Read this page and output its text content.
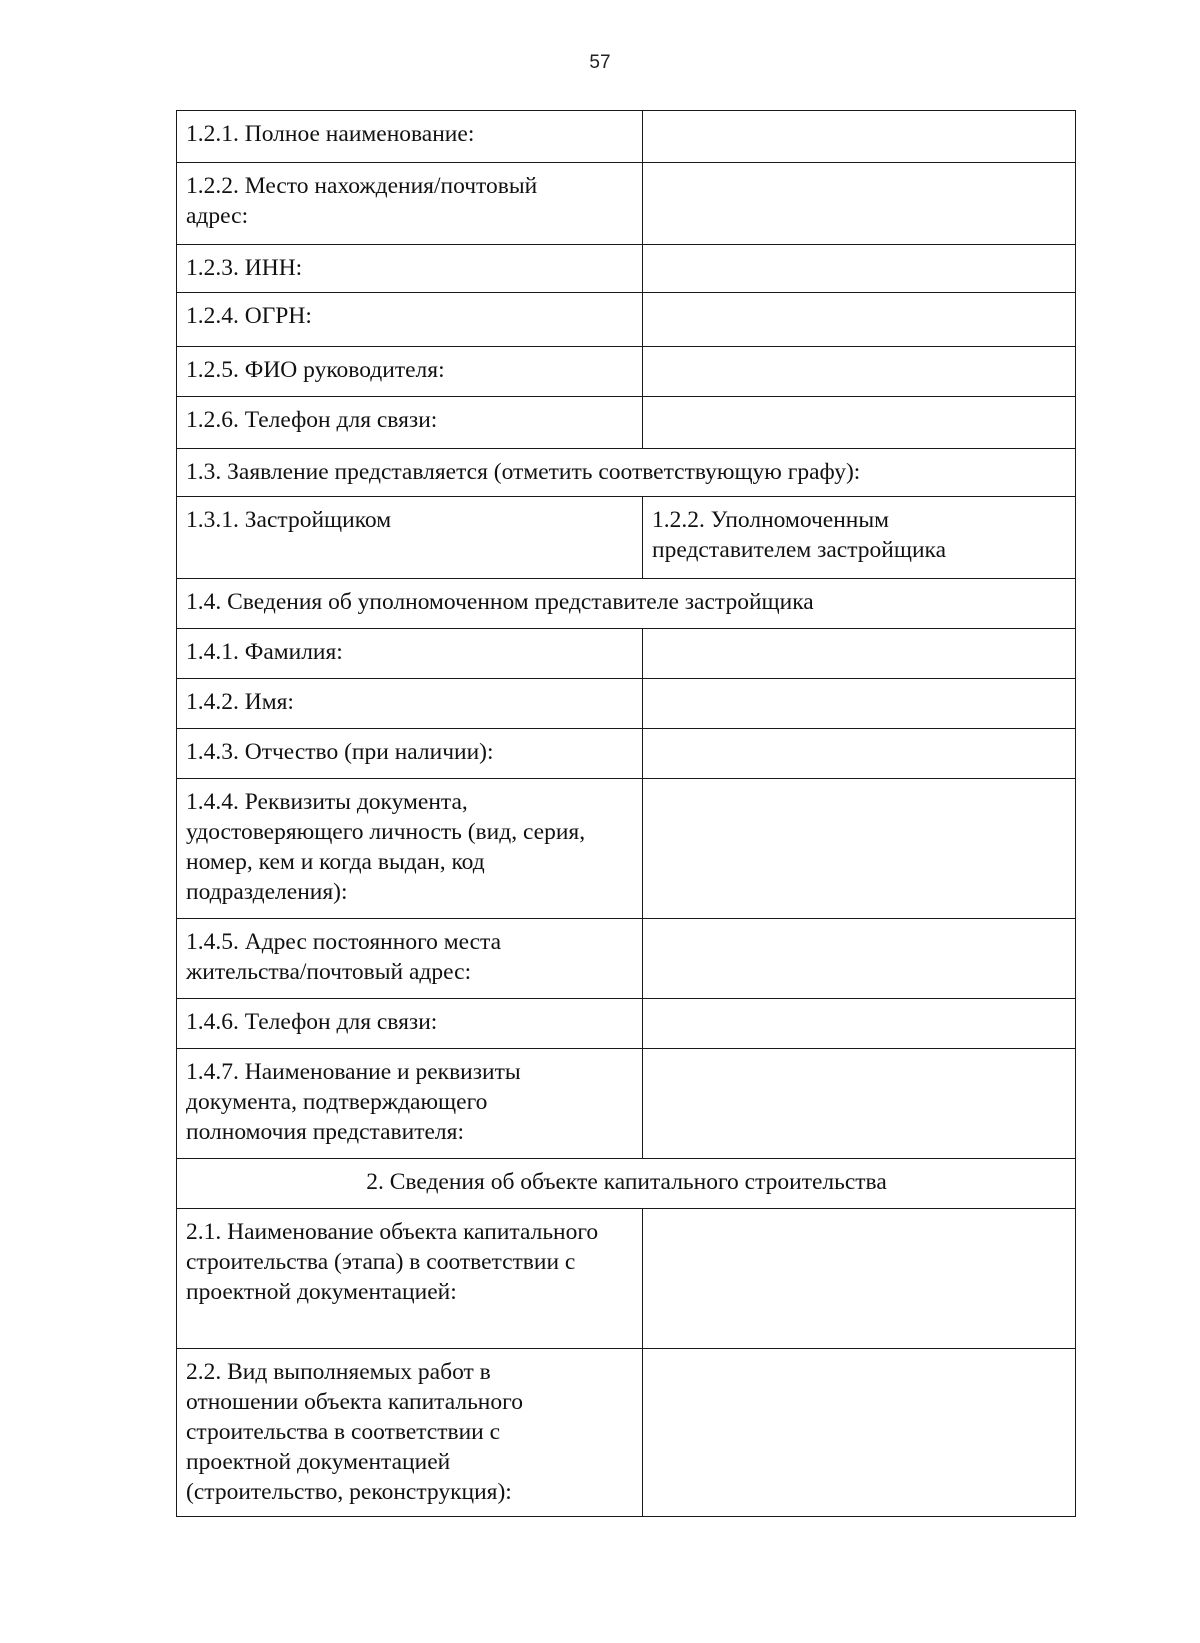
57
1.2.1. Полное наименование:	
1.2.2. Место нахождения/почтовый адрес:	
1.2.3. ИНН:	
1.2.4. ОГРН:	
1.2.5. ФИО руководителя:	
1.2.6. Телефон для связи:	
1.3. Заявление представляется (отметить соответствующую графу):	
1.3.1. Застройщиком	1.2.2. Уполномоченным представителем застройщика
1.4. Сведения об уполномоченном представителе застройщика	
1.4.1. Фамилия:	
1.4.2. Имя:	
1.4.3. Отчество (при наличии):	
1.4.4. Реквизиты документа, удостоверяющего личность (вид, серия, номер, кем и когда выдан, код подразделения):	
1.4.5. Адрес постоянного места жительства/почтовый адрес:	
1.4.6. Телефон для связи:	
1.4.7. Наименование и реквизиты документа, подтверждающего полномочия представителя:	
2. Сведения об объекте капитального строительства	
2.1. Наименование объекта капитального строительства (этапа) в соответствии с проектной документацией:	
2.2. Вид выполняемых работ в отношении объекта капитального строительства в соответствии с проектной документацией (строительство, реконструкция):	
